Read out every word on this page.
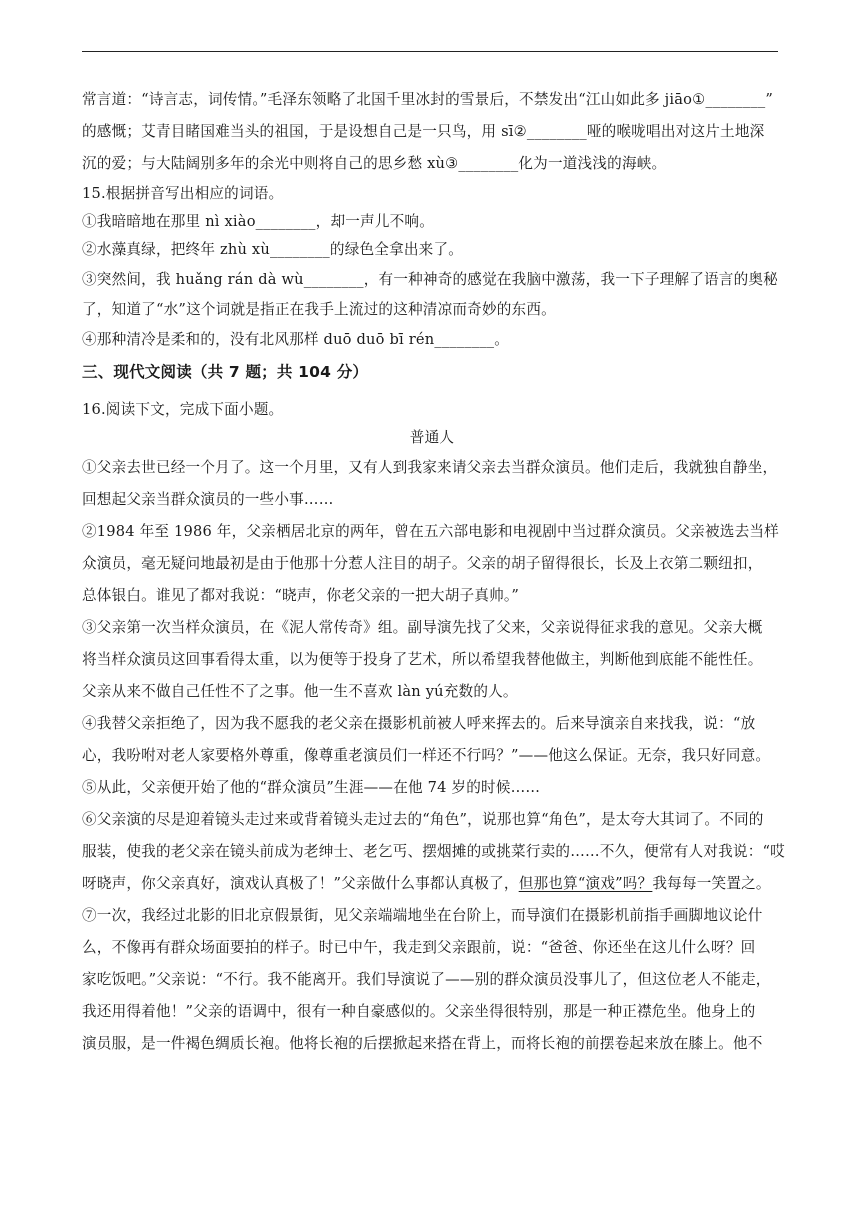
常言道：“诗言志，词传情。”毛泽东领略了北国千里冰封的雪景后，不禁发出“江山如此多 jiāo①________”
的感慨；艾青目睹国难当头的祖国，于是设想自己是一只鸟，用 sī②________哑的喉咙唱出对这片土地深
沉的爱；与大陆阔别多年的余光中则将自己的思乡愁 xù③________化为一道浅浅的海峡。
15.根据拼音写出相应的词语。
①我暗暗地在那里 nì xiào________，却一声儿不响。
②水藻真绿，把终年 zhù xù________的绿色全拿出来了。
③突然间，我 huǎng rán dà wù________，有一种神奇的感觉在我脑中激荡，我一下子理解了语言的奥秘
了，知道了“水”这个词就是指正在我手上流过的这种清凉而奇妙的东西。
④那种清冷是柔和的，没有北风那样 duō duō bī rén________。
三、现代文阅读（共 7 题；共 104 分）
16.阅读下文，完成下面小题。
普通人
①父亲去世已经一个月了。这一个月里，又有人到我家来请父亲去当群众演员。他们走后，我就独自静坐，
回想起父亲当群众演员的一些小事……
②1984 年至 1986 年，父亲栖居北京的两年，曾在五六部电影和电视剧中当过群众演员。父亲被选去当样
众演员，毫无疑问地最初是由于他那十分惹人注目的胡子。父亲的胡子留得很长，长及上衣第二颗纽扣，
总体银白。谁见了都对我说：“晓声，你老父亲的一把大胡子真帅。”
③父亲第一次当样众演员，在《泥人常传奇》组。副导演先找了父来，父亲说得征求我的意见。父亲大概
将当样众演员这回事看得太重，以为便等于投身了艺术，所以希望我替他做主，判断他到底能不能性任。
父亲从来不做自己任性不了之事。他一生不喜欢 làn yú充数的人。
④我替父亲拒绝了，因为我不愿我的老父亲在摄影机前被人呼来挥去的。后来导演亲自来找我，说：“放
心，我吩咐对老人家要格外尊重，像尊重老演员们一样还不行吗？”——他这么保证。无奈，我只好同意。
⑤从此，父亲便开始了他的“群众演员”生涯——在他 74 岁的时候……
⑥父亲演的尽是迎着镜头走过来或背着镜头走过去的“角色”，说那也算“角色”，是太夸大其词了。不同的
服装，使我的老父亲在镜头前成为老绅士、老乞丐、摆烟摊的或挑菜行卖的……不久，便常有人对我说：“哎
呀晓声，你父亲真好，演戏认真极了！”父亲做什么事都认真极了，但那也算“演戏”吗？我每每一笑置之。
⑦一次，我经过北影的旧北京假景街，见父亲端端地坐在台阶上，而导演们在摄影机前指手画脚地议论什
么，不像再有群众场面要拍的样子。时已中午，我走到父亲跟前，说：“爸爸、你还坐在这儿什么呀？回
家吃饭吧。”父亲说：“不行。我不能离开。我们导演说了——别的群众演员没事儿了，但这位老人不能走，
我还用得着他！”父亲的语调中，很有一种自豪感似的。父亲坐得很特别，那是一种正襟危坐。他身上的
演员服，是一件褐色绸质长袍。他将长袍的后摆掀起来搭在背上，而将长袍的前摆卷起来放在膝上。他不
